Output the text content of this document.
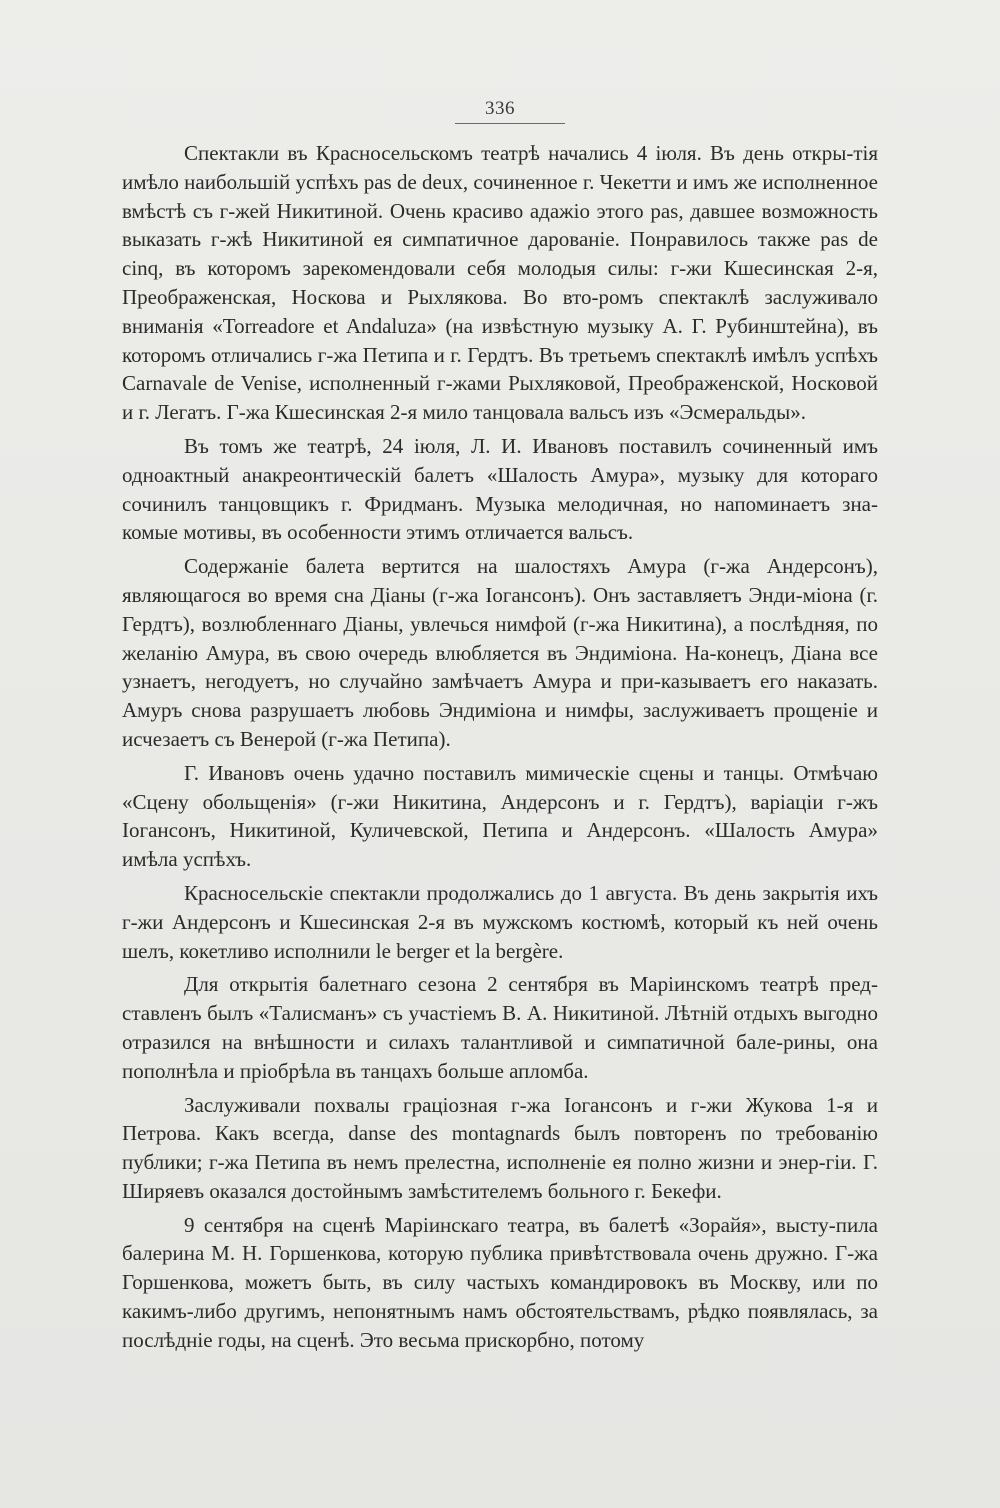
336

Спектакли въ Красносельскомъ театрѣ начались 4 іюля. Въ день откры-тія имѣло наибольшій успѣхъ pas de deux, сочиненное г. Чекетти и имъ же исполненное вмѣстѣ съ г-жей Никитиной. Очень красиво адажіо этого pas, давшее возможность выказать г-жѣ Никитиной ея симпатичное дарованіе. Понравилось также pas de cinq, въ которомъ зарекомендовали себя молодыя силы: г-жи Кшесинская 2-я, Преображенская, Носкова и Рыхлякова. Во вто-ромъ спектаклѣ заслуживало вниманія «Torreadore et Andaluza» (на извѣстную музыку А. Г. Рубинштейна), въ которомъ отличались г-жа Петипа и г. Гердтъ. Въ третьемъ спектаклѣ имѣлъ успѣхъ Carnavale de Venise, исполненный г-жами Рыхляковой, Преображенской, Носковой и г. Легатъ. Г-жа Кшесинская 2-я мило танцовала вальсъ изъ «Эсмеральды».

Въ томъ же театрѣ, 24 іюля, Л. И. Ивановъ поставилъ сочиненный имъ одноактный анакреонтическій балетъ «Шалость Амура», музыку для котораго сочинилъ танцовщикъ г. Фридманъ. Музыка мелодичная, но напоминаетъ зна-комые мотивы, въ особенности этимъ отличается вальсъ.

Содержаніе балета вертится на шалостяхъ Амура (г-жа Андерсонъ), являющагося во время сна Діаны (г-жа Іогансонъ). Онъ заставляетъ Энди-міона (г. Гердтъ), возлюбленнаго Діаны, увлечься нимфой (г-жа Никитина), а послѣдняя, по желанію Амура, въ свою очередь влюбляется въ Эндиміона. На-конецъ, Діана все узнаетъ, негодуетъ, но случайно замѣчаетъ Амура и при-казываетъ его наказать. Амуръ снова разрушаетъ любовь Эндиміона и нимфы, заслуживаетъ прощеніе и исчезаетъ съ Венерой (г-жа Петипа).

Г. Ивановъ очень удачно поставилъ мимическіе сцены и танцы. Отмѣчаю «Сцену обольщенія» (г-жи Никитина, Андерсонъ и г. Гердтъ), варіаціи г-жъ Іогансонъ, Никитиной, Куличевской, Петипа и Андерсонъ. «Шалость Амура» имѣла успѣхъ.

Красносельскіе спектакли продолжались до 1 августа. Въ день закрытія ихъ г-жи Андерсонъ и Кшесинская 2-я въ мужскомъ костюмѣ, который къ ней очень шелъ, кокетливо исполнили le berger et la bergère.

Для открытія балетнаго сезона 2 сентября въ Маріинскомъ театрѣ пред-ставленъ былъ «Талисманъ» съ участіемъ В. А. Никитиной. Лѣтній отдыхъ выгодно отразился на внѣшности и силахъ талантливой и симпатичной бале-рины, она пополнѣла и пріобрѣла въ танцахъ больше апломба.

Заслуживали похвалы граціозная г-жа Іогансонъ и г-жи Жукова 1-я и Петрова. Какъ всегда, danse des montagnards былъ повторенъ по требованію публики; г-жа Петипа въ немъ прелестна, исполненіе ея полно жизни и энер-гіи. Г. Ширяевъ оказался достойнымъ замѣстителемъ больного г. Бекефи.

9 сентября на сценѣ Маріинскаго театра, въ балетѣ «Зорайя», высту-пила балерина М. Н. Горшенкова, которую публика привѣтствовала очень дружно. Г-жа Горшенкова, можетъ быть, въ силу частыхъ командировокъ въ Москву, или по какимъ-либо другимъ, непонятнымъ намъ обстоятельствамъ, рѣдко появлялась, за послѣдніе годы, на сценѣ. Это весьма прискорбно, потому
